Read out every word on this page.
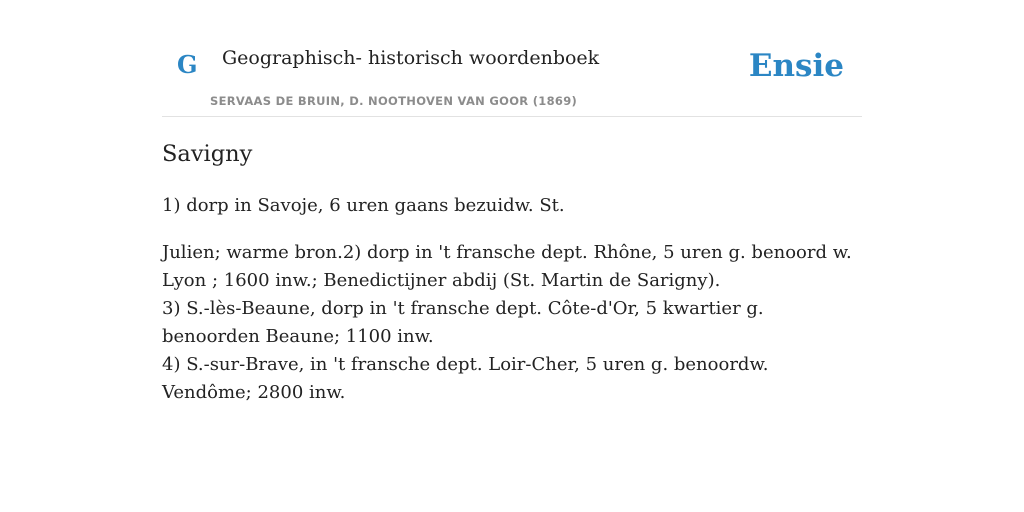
G Geographisch- historisch woordenboek
SERVAAS DE BRUIN, D. NOOTHOVEN VAN GOOR (1869)
Ensie
Savigny

1) dorp in Savoje, 6 uren gaans bezuidw. St.

Julien; warme bron.2) dorp in 't fransche dept. Rhône, 5 uren g. benoord w. Lyon ; 1600 inw.; Benedictijner abdij (St. Martin de Sarigny).

3) S.-lès-Beaune, dorp in 't fransche dept. Côte-d'Or, 5 kwartier g. benoorden Beaune; 1100 inw.

4) S.-sur-Brave, in 't fransche dept. Loir-Cher, 5 uren g. benoordw. Vendôme; 2800 inw.
